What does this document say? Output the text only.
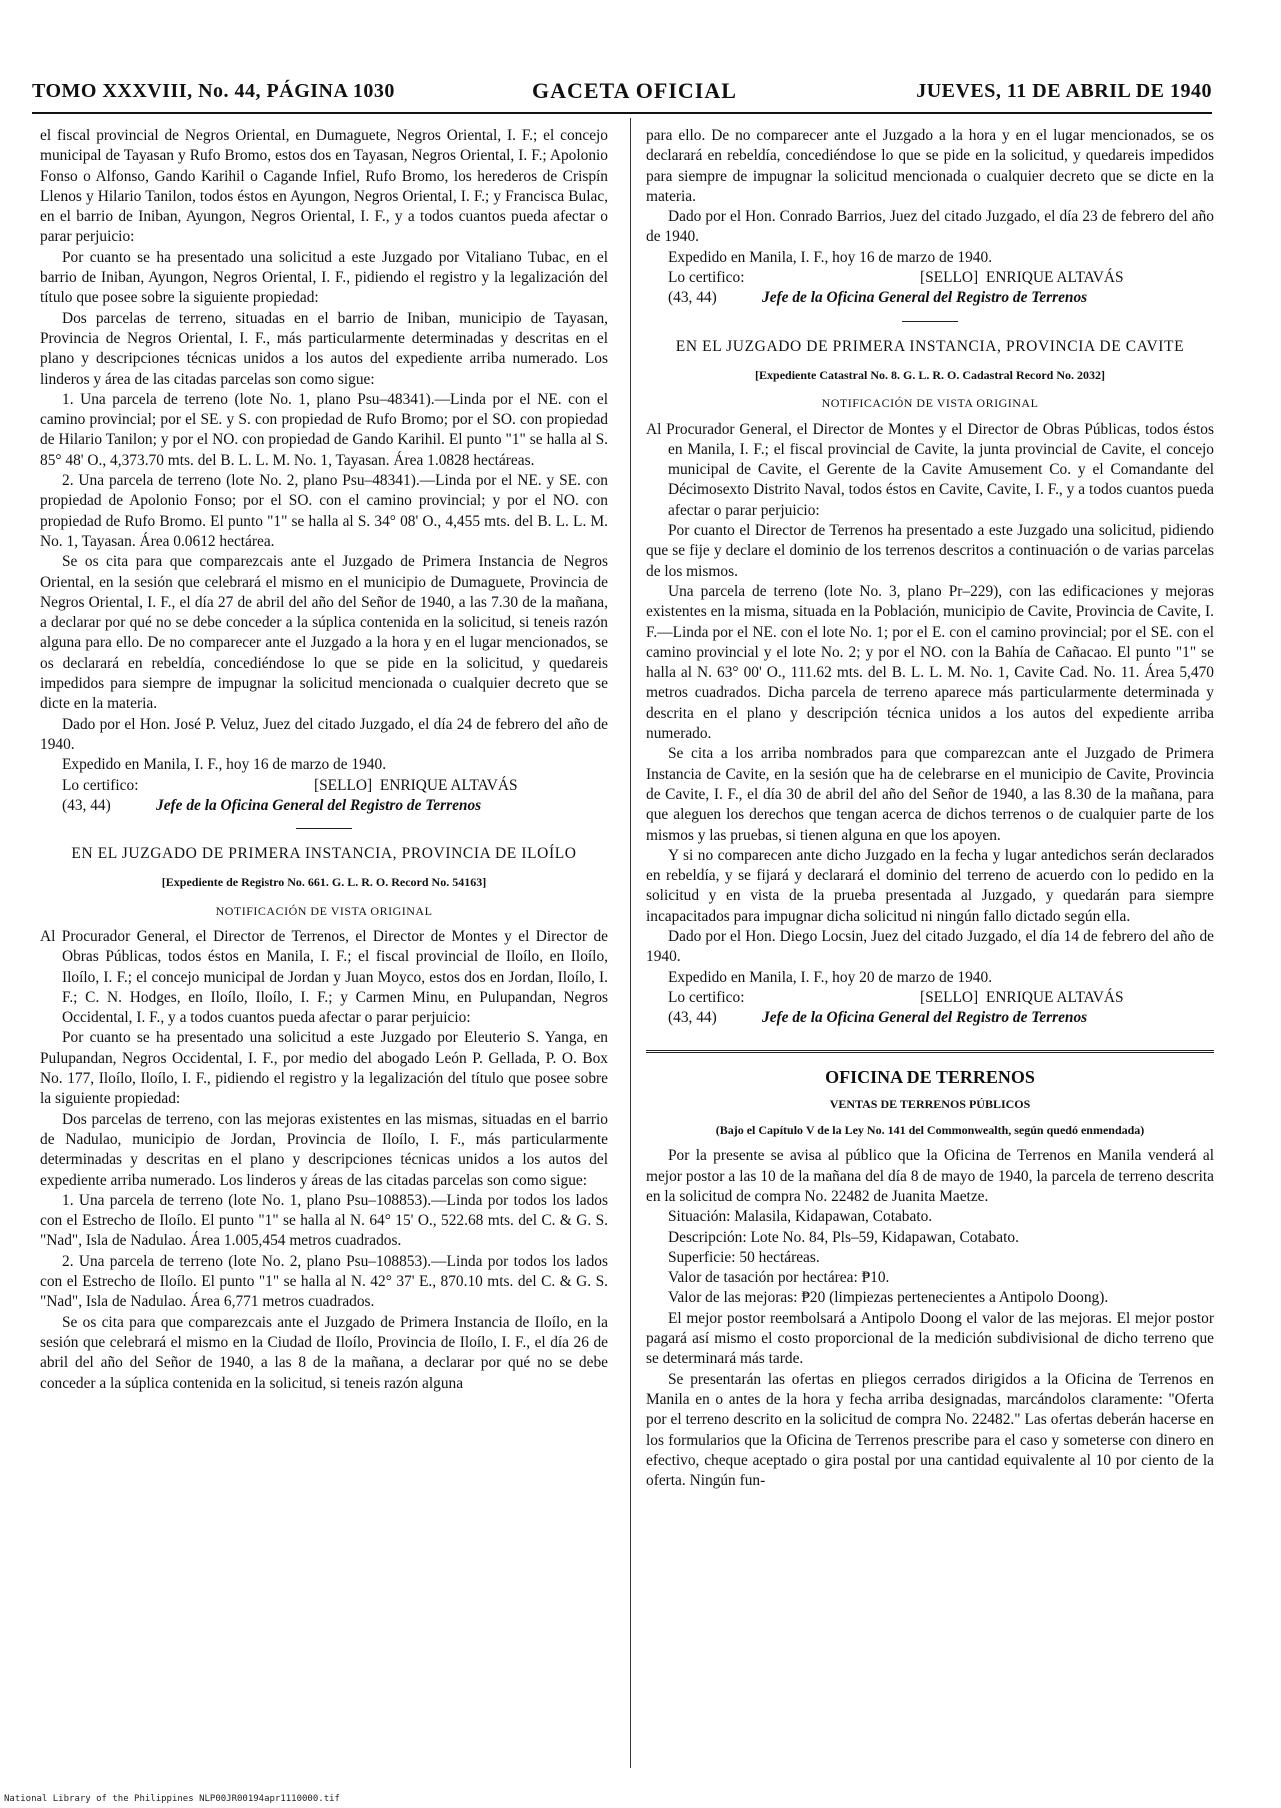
TOMO XXXVIII, No. 44, PÁGINA 1030	GACETA OFICIAL	JUEVES, 11 DE ABRIL DE 1940

el fiscal provincial de Negros Oriental, en Dumaguete, Negros Oriental, I. F.; el concejo municipal de Tayasan y Rufo Bromo, estos dos en Tayasan, Negros Oriental, I. F.; Apolonio Fonso o Alfonso, Gando Karihil o Cagande Infiel, Rufo Bromo, los herederos de Crispín Llenos y Hilario Tanilon, todos éstos en Ayungon, Negros Oriental, I. F.; y Francisca Bulac, en el barrio de Iniban, Ayungon, Negros Oriental, I. F., y a todos cuantos pueda afectar o parar perjuicio:

Por cuanto se ha presentado una solicitud a este Juzgado por Vitaliano Tubac, en el barrio de Iniban, Ayungon, Negros Oriental, I. F., pidiendo el registro y la legalización del título que posee sobre la siguiente propiedad:

Dos parcelas de terreno, situadas en el barrio de Iniban, municipio de Tayasan, Provincia de Negros Oriental, I. F., más particularmente determinadas y descritas en el plano y descripciones técnicas unidos a los autos del expediente arriba numerado. Los linderos y área de las citadas parcelas son como sigue:

1. Una parcela de terreno (lote No. 1, plano Psu–48341).—Linda por el NE. con el camino provincial; por el SE. y S. con propiedad de Rufo Bromo; por el SO. con propiedad de Hilario Tanilon; y por el NO. con propiedad de Gando Karihil. El punto "1" se halla al S. 85° 48' O., 4,373.70 mts. del B. L. L. M. No. 1, Tayasan. Área 1.0828 hectáreas.

2. Una parcela de terreno (lote No. 2, plano Psu–48341).—Linda por el NE. y SE. con propiedad de Apolonio Fonso; por el SO. con el camino provincial; y por el NO. con propiedad de Rufo Bromo. El punto "1" se halla al S. 34° 08' O., 4,455 mts. del B. L. L. M. No. 1, Tayasan. Área 0.0612 hectárea.

Se os cita para que comparezcais ante el Juzgado de Primera Instancia de Negros Oriental, en la sesión que celebrará el mismo en el municipio de Dumaguete, Provincia de Negros Oriental, I. F., el día 27 de abril del año del Señor de 1940, a las 7.30 de la mañana, a declarar por qué no se debe conceder a la súplica contenida en la solicitud, si teneis razón alguna para ello. De no comparecer ante el Juzgado a la hora y en el lugar mencionados, se os declarará en rebeldía, concediéndose lo que se pide en la solicitud, y quedareis impedidos para siempre de impugnar la solicitud mencionada o cualquier decreto que se dicte en la materia.

Dado por el Hon. José P. Veluz, Juez del citado Juzgado, el día 24 de febrero del año de 1940.

Expedido en Manila, I. F., hoy 16 de marzo de 1940.

Lo certifico:	[SELLO] ENRIQUE ALTAVÁS
(43, 44)	Jefe de la Oficina General del Registro de Terrenos
EN EL JUZGADO DE PRIMERA INSTANCIA, PROVINCIA DE ILOÍLO
[Expediente de Registro No. 661. G. L. R. O. Record No. 54163]
NOTIFICACIÓN DE VISTA ORIGINAL

Al Procurador General, el Director de Terrenos, el Director de Montes y el Director de Obras Públicas, todos éstos en Manila, I. F.; el fiscal provincial de Iloílo, en Iloílo, Iloílo, I. F.; el concejo municipal de Jordan y Juan Moyco, estos dos en Jordan, Iloílo, I. F.; C. N. Hodges, en Iloílo, Iloílo, I. F.; y Carmen Minu, en Pulupandan, Negros Occidental, I. F., y a todos cuantos pueda afectar o parar perjuicio:

Por cuanto se ha presentado una solicitud a este Juzgado por Eleuterio S. Yanga, en Pulupandan, Negros Occidental, I. F., por medio del abogado León P. Gellada, P. O. Box No. 177, Iloílo, Iloílo, I. F., pidiendo el registro y la legalización del título que posee sobre la siguiente propiedad:

Dos parcelas de terreno, con las mejoras existentes en las mismas, situadas en el barrio de Nadulao, municipio de Jordan, Provincia de Iloílo, I. F., más particularmente determinadas y descritas en el plano y descripciones técnicas unidos a los autos del expediente arriba numerado. Los linderos y áreas de las citadas parcelas son como sigue:

1. Una parcela de terreno (lote No. 1, plano Psu–108853).—Linda por todos los lados con el Estrecho de Iloílo. El punto "1" se halla al N. 64° 15' O., 522.68 mts. del C. & G. S. "Nad", Isla de Nadulao. Área 1.005,454 metros cuadrados.

2. Una parcela de terreno (lote No. 2, plano Psu–108853).—Linda por todos los lados con el Estrecho de Iloílo. El punto "1" se halla al N. 42° 37' E., 870.10 mts. del C. & G. S. "Nad", Isla de Nadulao. Área 6,771 metros cuadrados.

Se os cita para que comparezcais ante el Juzgado de Primera Instancia de Iloílo, en la sesión que celebrará el mismo en la Ciudad de Iloílo, Provincia de Iloílo, I. F., el día 26 de abril del año del Señor de 1940, a las 8 de la mañana, a declarar por qué no se debe conceder a la súplica contenida en la solicitud, si teneis razón alguna

para ello. De no comparecer ante el Juzgado a la hora y en el lugar mencionados, se os declarará en rebeldía, concediéndose lo que se pide en la solicitud, y quedareis impedidos para siempre de impugnar la solicitud mencionada o cualquier decreto que se dicte en la materia.

Dado por el Hon. Conrado Barrios, Juez del citado Juzgado, el día 23 de febrero del año de 1940.

Expedido en Manila, I. F., hoy 16 de marzo de 1940.

Lo certifico:	[SELLO] ENRIQUE ALTAVÁS
(43, 44)	Jefe de la Oficina General del Registro de Terrenos
EN EL JUZGADO DE PRIMERA INSTANCIA, PROVINCIA DE CAVITE
[Expediente Catastral No. 8. G. L. R. O. Cadastral Record No. 2032]
NOTIFICACIÓN DE VISTA ORIGINAL

Al Procurador General, el Director de Montes y el Director de Obras Públicas, todos éstos en Manila, I. F.; el fiscal provincial de Cavite, la junta provincial de Cavite, el concejo municipal de Cavite, el Gerente de la Cavite Amusement Co. y el Comandante del Décimosexto Distrito Naval, todos éstos en Cavite, Cavite, I. F., y a todos cuantos pueda afectar o parar perjuicio:

Por cuanto el Director de Terrenos ha presentado a este Juzgado una solicitud, pidiendo que se fije y declare el dominio de los terrenos descritos a continuación o de varias parcelas de los mismos.

Una parcela de terreno (lote No. 3, plano Pr–229), con las edificaciones y mejoras existentes en la misma, situada en la Población, municipio de Cavite, Provincia de Cavite, I. F.—Linda por el NE. con el lote No. 1; por el E. con el camino provincial; por el SE. con el camino provincial y el lote No. 2; y por el NO. con la Bahía de Cañacao. El punto "1" se halla al N. 63° 00' O., 111.62 mts. del B. L. L. M. No. 1, Cavite Cad. No. 11. Área 5,470 metros cuadrados. Dicha parcela de terreno aparece más particularmente determinada y descrita en el plano y descripción técnica unidos a los autos del expediente arriba numerado.

Se cita a los arriba nombrados para que comparezcan ante el Juzgado de Primera Instancia de Cavite, en la sesión que ha de celebrarse en el municipio de Cavite, Provincia de Cavite, I. F., el día 30 de abril del año del Señor de 1940, a las 8.30 de la mañana, para que aleguen los derechos que tengan acerca de dichos terrenos o de cualquier parte de los mismos y las pruebas, si tienen alguna en que los apoyen.

Y si no comparecen ante dicho Juzgado en la fecha y lugar antedichos serán declarados en rebeldía, y se fijará y declarará el dominio del terreno de acuerdo con lo pedido en la solicitud y en vista de la prueba presentada al Juzgado, y quedarán para siempre incapacitados para impugnar dicha solicitud ni ningún fallo dictado según ella.

Dado por el Hon. Diego Locsin, Juez del citado Juzgado, el día 14 de febrero del año de 1940.

Expedido en Manila, I. F., hoy 20 de marzo de 1940.

Lo certifico:	[SELLO] ENRIQUE ALTAVÁS
(43, 44)	Jefe de la Oficina General del Registro de Terrenos
OFICINA DE TERRENOS
VENTAS DE TERRENOS PÚBLICOS
(Bajo el Capítulo V de la Ley No. 141 del Commonwealth, según quedó enmendada)

Por la presente se avisa al público que la Oficina de Terrenos en Manila venderá al mejor postor a las 10 de la mañana del día 8 de mayo de 1940, la parcela de terreno descrita en la solicitud de compra No. 22482 de Juanita Maetze.

Situación: Malasila, Kidapawan, Cotabato.

Descripción: Lote No. 84, Pls–59, Kidapawan, Cotabato.

Superficie: 50 hectáreas.

Valor de tasación por hectárea: ₱10.

Valor de las mejoras: ₱20 (limpiezas pertenecientes a Antipolo Doong).

El mejor postor reembolsará a Antipolo Doong el valor de las mejoras. El mejor postor pagará así mismo el costo proporcional de la medición subdivisional de dicho terreno que se determinará más tarde.

Se presentarán las ofertas en pliegos cerrados dirigidos a la Oficina de Terrenos en Manila en o antes de la hora y fecha arriba designadas, marcándolos claramente: "Oferta por el terreno descrito en la solicitud de compra No. 22482." Las ofertas deberán hacerse en los formularios que la Oficina de Terrenos prescribe para el caso y someterse con dinero en efectivo, cheque aceptado o gira postal por una cantidad equivalente al 10 por ciento de la oferta. Ningún fun-

National Library of the Philippines NLP00JR00194apr1110000.tif
